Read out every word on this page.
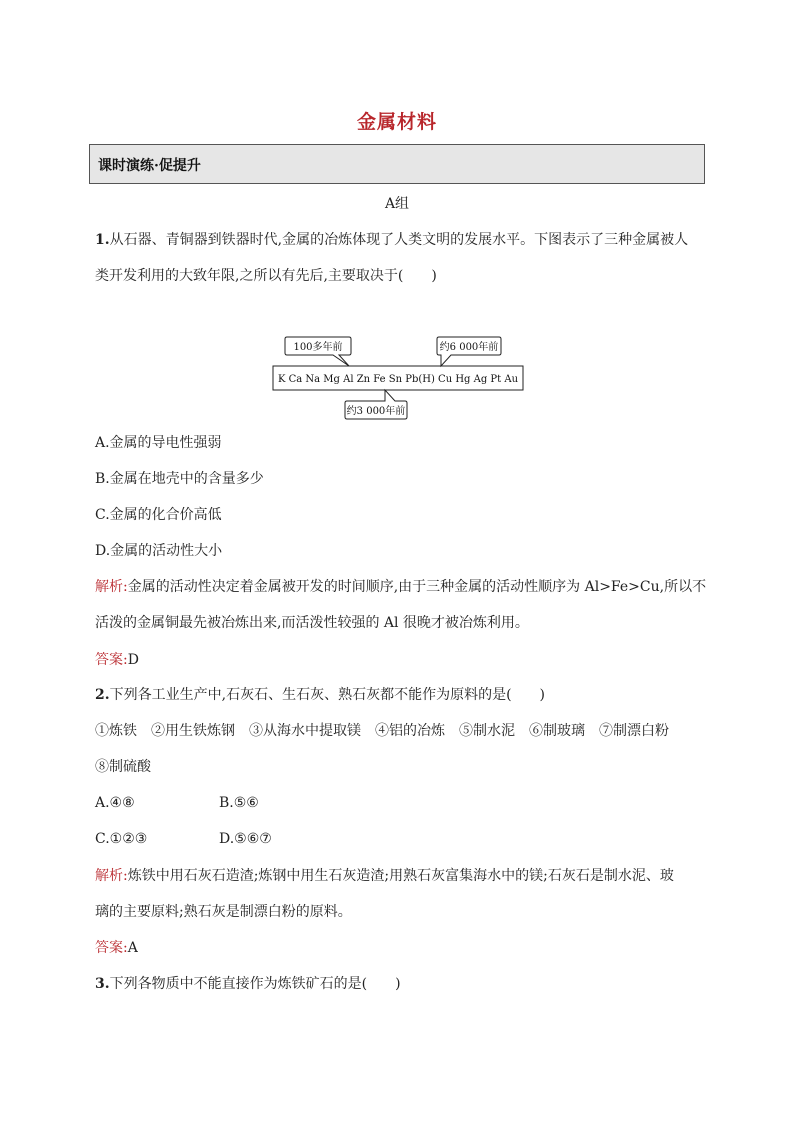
金属材料
课时演练·促提升
A组
1.从石器、青铜器到铁器时代,金属的冶炼体现了人类文明的发展水平。下图表示了三种金属被人
类开发利用的大致年限,之所以有先后,主要取决于(　　)
K Ca Na Mg Al Zn Fe Sn Pb(H) Cu Hg Ag Pt Au
100多年前	约6 000年前
约3 000年前
A.金属的导电性强弱
B.金属在地壳中的含量多少
C.金属的化合价高低
D.金属的活动性大小
解析:金属的活动性决定着金属被开发的时间顺序,由于三种金属的活动性顺序为 Al>Fe>Cu,所以不
活泼的金属铜最先被冶炼出来,而活泼性较强的 Al 很晚才被冶炼利用。
答案:D
2.下列各工业生产中,石灰石、生石灰、熟石灰都不能作为原料的是(　　)
①炼铁　②用生铁炼钢　③从海水中提取镁　④铝的冶炼　⑤制水泥　⑥制玻璃　⑦制漂白粉
⑧制硫酸
A.④⑧	B.⑤⑥
C.①②③	D.⑤⑥⑦
解析:炼铁中用石灰石造渣;炼钢中用生石灰造渣;用熟石灰富集海水中的镁;石灰石是制水泥、玻
璃的主要原料;熟石灰是制漂白粉的原料。
答案:A
3.下列各物质中不能直接作为炼铁矿石的是(　　)
